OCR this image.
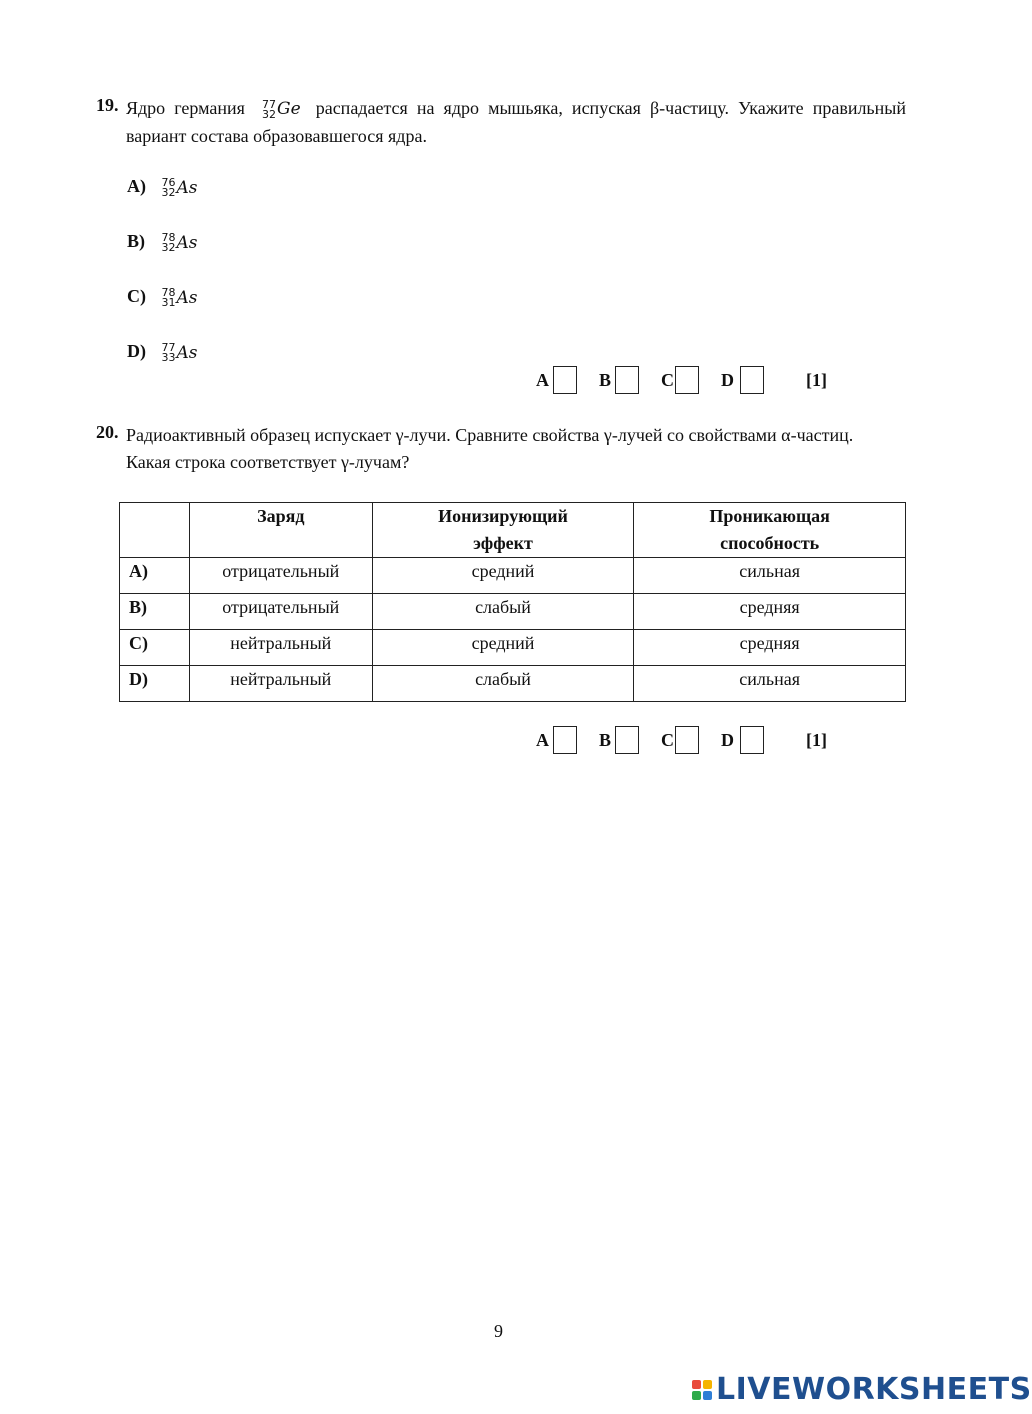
19. Ядро германия 77
32 Ge распадается на ядро мышьяка, испуская β-частицу. Укажите правильный вариант состава образовавшегося ядра.
A) 76
32 As
B) 78
32 As
C) 78
31 As
D) 77
33 As
A	B	C	D	[1]
20. Радиоактивный образец испускает γ-лучи. Сравните свойства γ-лучей со свойствами α-частиц. Какая строка соответствует γ-лучам?
	Заряд	Ионизирующий эффект	Проникающая способность

A)	отрицательный	средний	сильная
B)	отрицательный	слабый	средняя
C)	нейтральный	средний	средняя
D)	нейтральный	слабый	сильная
A	B	C	D	[1]
9
LIVEWORKSHEETS
